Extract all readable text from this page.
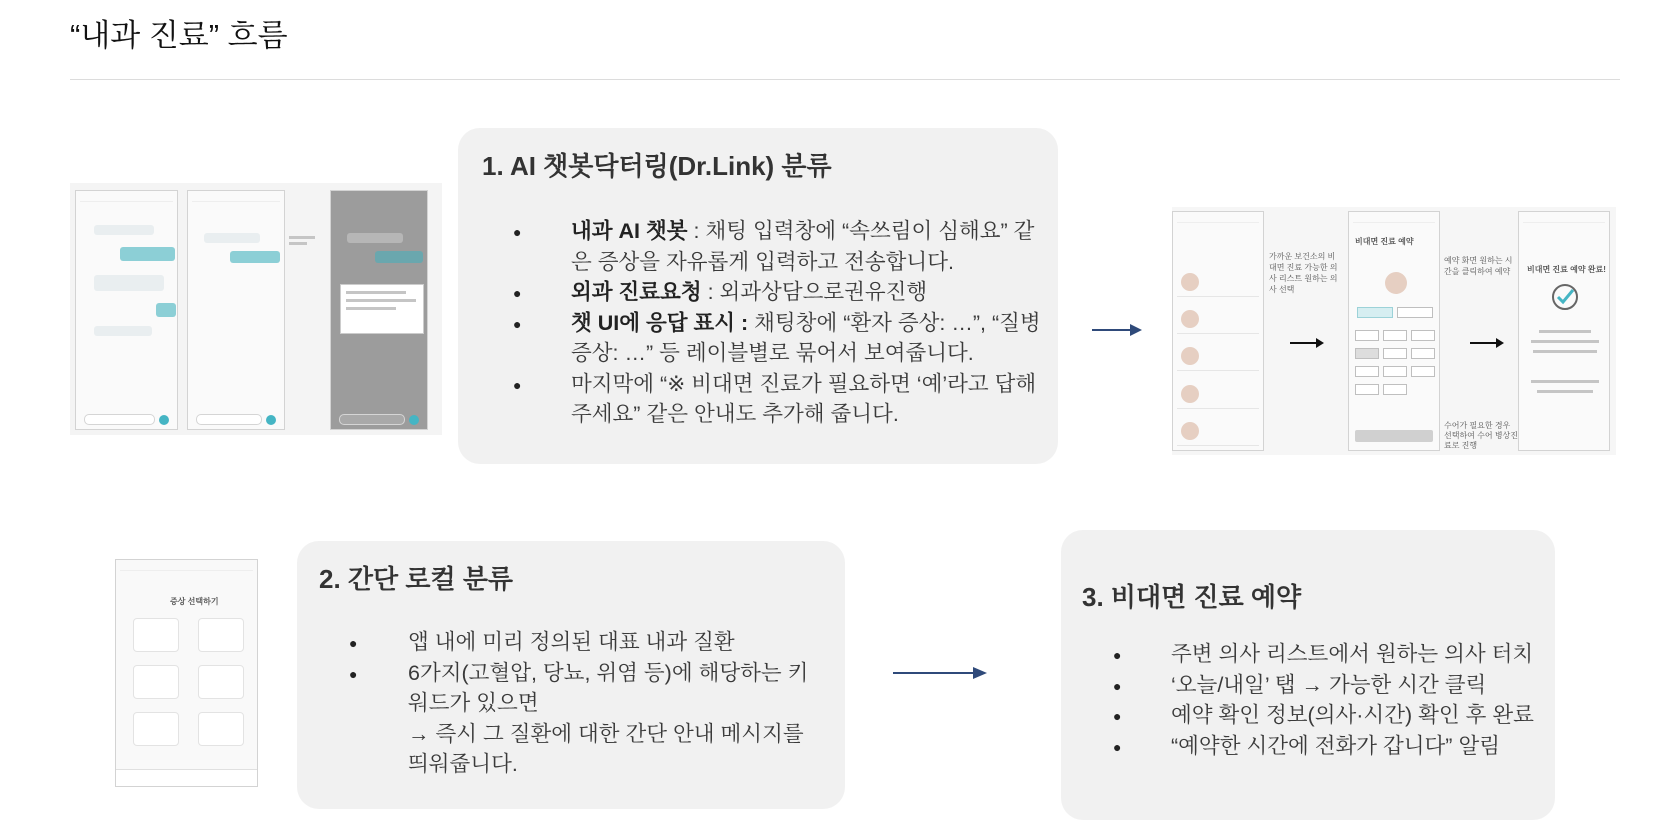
“내과 진료” 흐름
1. AI 챗봇닥터링(Dr.Link) 분류
● 내과 AI 챗봇 : 채팅 입력창에 “속쓰림이 심해요” 같은 증상을 자유롭게 입력하고 전송합니다.
● 외과 진료요청 : 외과상담으로권유진행
● 챗 UI에 응답 표시 : 채팅창에 “환자 증상: …”, “질병 증상: …” 등 레이블별로 묶어서 보여줍니다.
● 마지막에 “※ 비대면 진료가 필요하면 ‘예’라고 답해주세요” 같은 안내도 추가해 줍니다.
가까운 보건소의 비대면 진료 가능한 의사 리스트 원하는 의사 선택
비대면 진료 예약
예약 화면 원하는 시간을 클릭하여 예약
수어가 필요한 경우 선택하여 수어 병상진료로 진행
비대면 진료 예약 완료!
증상 선택하기
2. 간단 로컬 분류
● 앱 내에 미리 정의된 대표 내과 질환
● 6가지(고혈압, 당뇨, 위염 등)에 해당하는 키워드가 있으면
→ 즉시 그 질환에 대한 간단 안내 메시지를 띄워줍니다.
3. 비대면 진료 예약
● 주변 의사 리스트에서 원하는 의사 터치
● ‘오늘/내일’ 탭 → 가능한 시간 클릭
● 예약 확인 정보(의사·시간) 확인 후 완료
● “예약한 시간에 전화가 갑니다” 알림
